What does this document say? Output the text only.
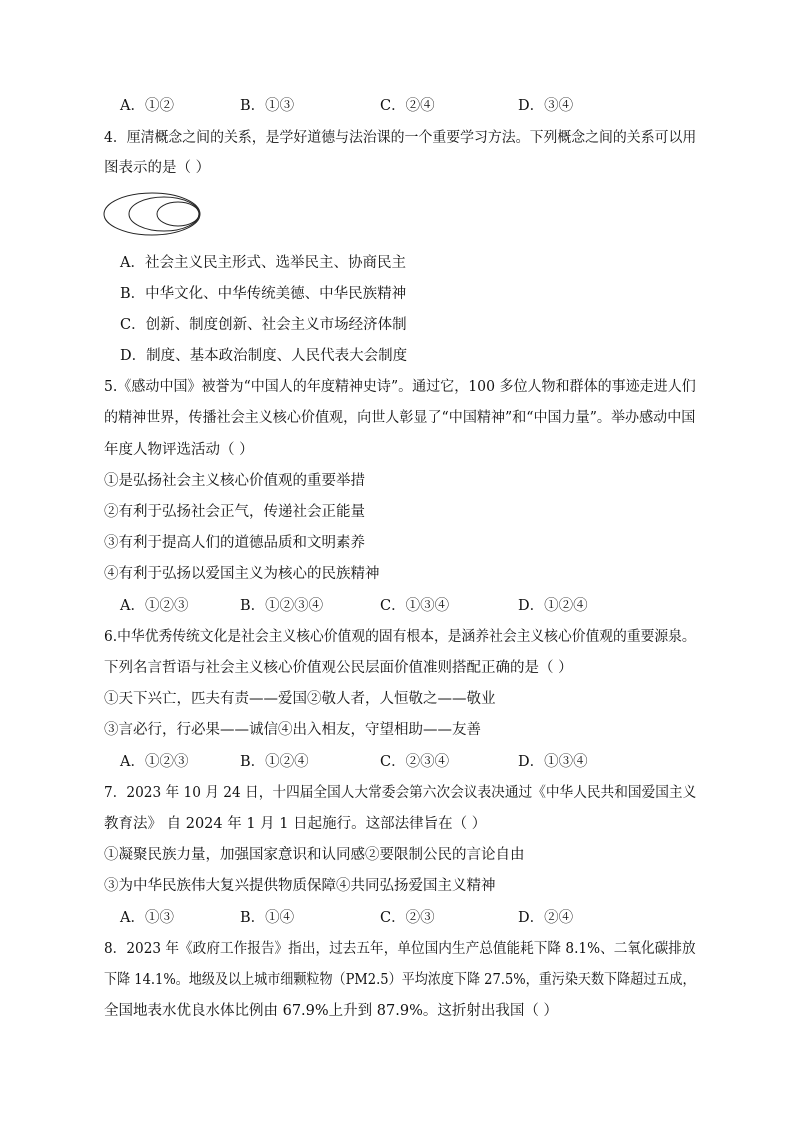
A．①②	B．①③	C．②④	D．③④
4．厘清概念之间的关系，是学好道德与法治课的一个重要学习方法。下列概念之间的关系可以用
图表示的是（ ）
A．社会主义民主形式、选举民主、协商民主
B．中华文化、中华传统美德、中华民族精神
C．创新、制度创新、社会主义市场经济体制
D．制度、基本政治制度、人民代表大会制度
5.《感动中国》被誉为“中国人的年度精神史诗”。通过它，100 多位人物和群体的事迹走进人们
的精神世界，传播社会主义核心价值观，向世人彰显了“中国精神”和“中国力量”。举办感动中国
年度人物评选活动（ ）
①是弘扬社会主义核心价值观的重要举措
②有利于弘扬社会正气，传递社会正能量
③有利于提高人们的道德品质和文明素养
④有利于弘扬以爱国主义为核心的民族精神
A．①②③	B．①②③④	C．①③④	D．①②④
6.中华优秀传统文化是社会主义核心价值观的固有根本，是涵养社会主义核心价值观的重要源泉。
下列名言哲语与社会主义核心价值观公民层面价值准则搭配正确的是（ ）
①天下兴亡，匹夫有责——爱国②敬人者，人恒敬之——敬业
③言必行，行必果——诚信④出入相友，守望相助——友善
A．①②③	B．①②④	C．②③④	D．①③④
7．2023 年 10 月 24 日，十四届全国人大常委会第六次会议表决通过《中华人民共和国爱国主义
教育法》 自 2024 年 1 月 1 日起施行。这部法律旨在（ ）
①凝聚民族力量，加强国家意识和认同感②要限制公民的言论自由
③为中华民族伟大复兴提供物质保障④共同弘扬爱国主义精神
A．①③	B．①④	C．②③	D．②④
8．2023 年《政府工作报告》指出，过去五年，单位国内生产总值能耗下降 8.1%、二氧化碳排放
下降 14.1%。地级及以上城市细颗粒物（PM2.5）平均浓度下降 27.5%，重污染天数下降超过五成，
全国地表水优良水体比例由 67.9%上升到 87.9%。这折射出我国（ ）
